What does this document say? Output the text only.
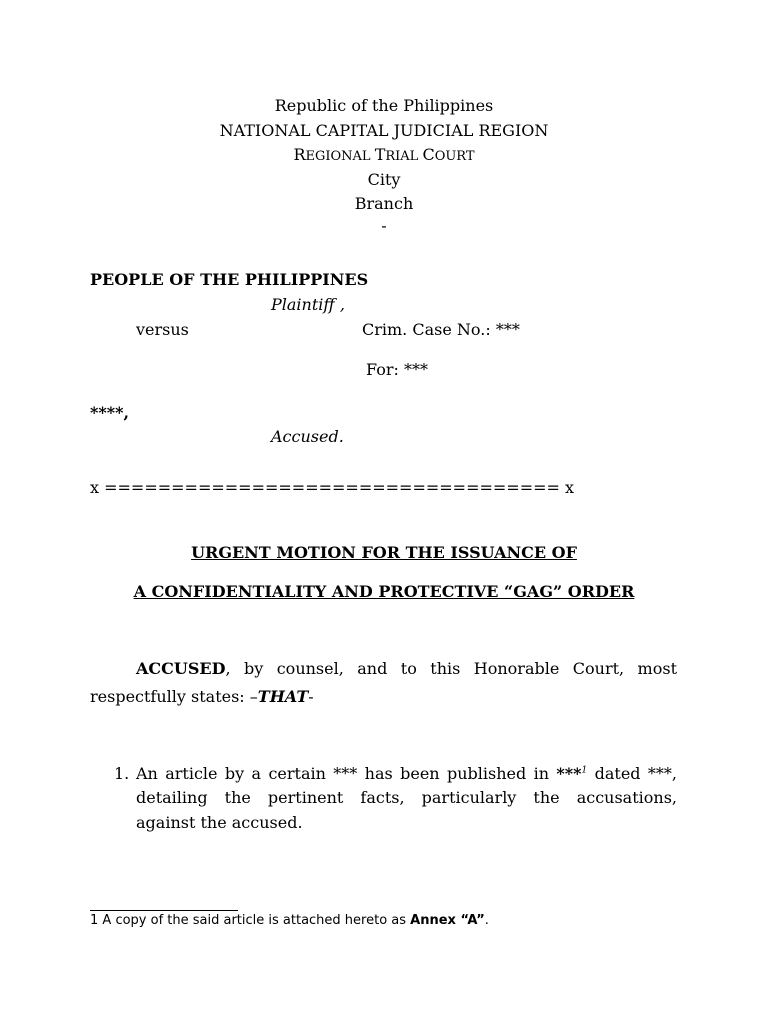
Republic of the Philippines
NATIONAL CAPITAL JUDICIAL REGION
REGIONAL TRIAL COURT
City
Branch
-
PEOPLE OF THE PHILIPPINES
Plaintiff ,
versus	Crim. Case No.: ***
For: ***
****,
Accused.
x ================================== x
URGENT MOTION FOR THE ISSUANCE OF
A CONFIDENTIALITY AND PROTECTIVE “GAG” ORDER
ACCUSED, by counsel, and to this Honorable Court, most
respectfully states: –THAT-
1. An article by a certain *** has been published in ***$^1$ dated ***,
detailing the pertinent facts, particularly the accusations,
against the accused.
1 A copy of the said article is attached hereto as Annex “A”.
